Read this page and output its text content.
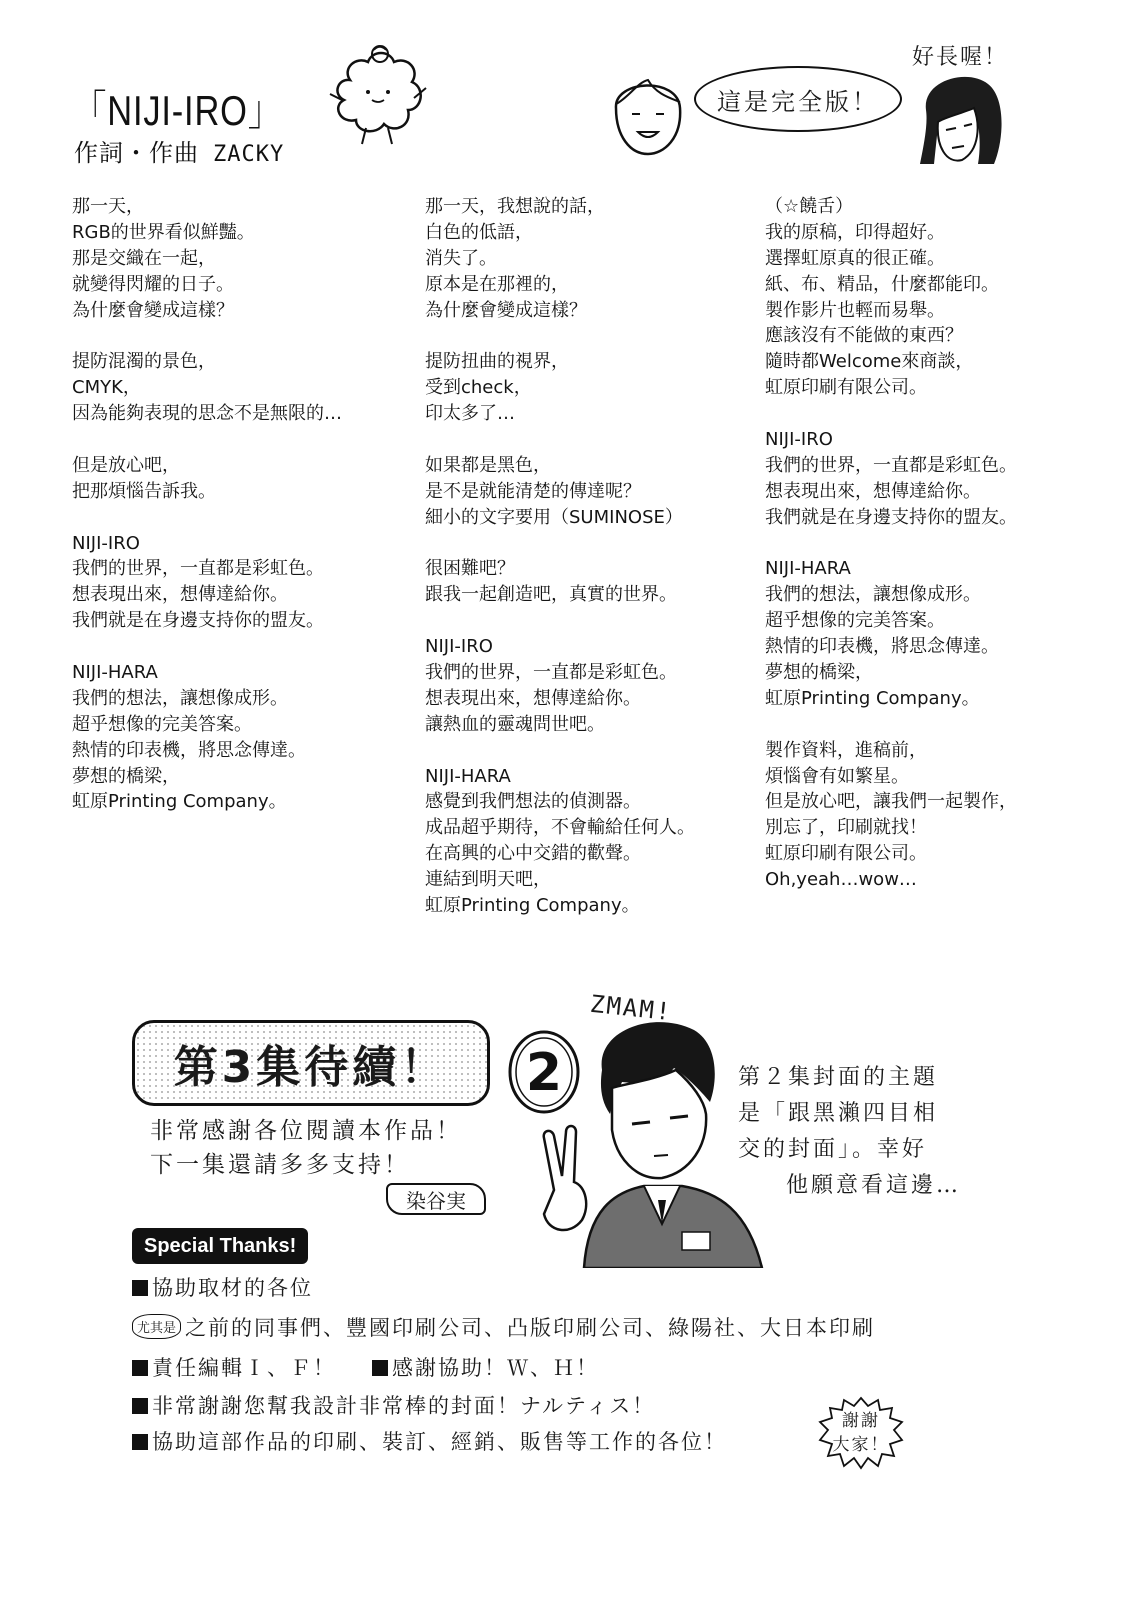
「NIJI-IRO」
作詞・作曲 ZACKY
這是完全版！
好長喔！
那一天，
RGB的世界看似鮮豔。
那是交織在一起，
就變得閃耀的日子。
為什麼會變成這樣？
提防混濁的景色，
CMYK，
因為能夠表現的思念不是無限的…
但是放心吧，
把那煩惱告訴我。
NIJI-IRO
我們的世界，一直都是彩虹色。
想表現出來，想傳達給你。
我們就是在身邊支持你的盟友。
NIJI-HARA
我們的想法，讓想像成形。
超乎想像的完美答案。
熱情的印表機，將思念傳達。
夢想的橋梁，
虹原Printing Company。
那一天，我想說的話，
白色的低語，
消失了。
原本是在那裡的，
為什麼會變成這樣？
提防扭曲的視界，
受到check，
印太多了…
如果都是黑色，
是不是就能清楚的傳達呢？
細小的文字要用（SUMINOSE）
很困難吧？
跟我一起創造吧，真實的世界。
NIJI-IRO
我們的世界，一直都是彩虹色。
想表現出來，想傳達給你。
讓熱血的靈魂問世吧。
NIJI-HARA
感覺到我們想法的偵測器。
成品超乎期待，不會輸給任何人。
在高興的心中交錯的歡聲。
連結到明天吧，
虹原Printing Company。
（☆饒舌）
我的原稿，印得超好。
選擇虹原真的很正確。
紙、布、精品，什麼都能印。
製作影片也輕而易舉。
應該沒有不能做的東西？
隨時都Welcome來商談，
虹原印刷有限公司。
NIJI-IRO
我們的世界，一直都是彩虹色。
想表現出來，想傳達給你。
我們就是在身邊支持你的盟友。
NIJI-HARA
我們的想法，讓想像成形。
超乎想像的完美答案。
熱情的印表機，將思念傳達。
夢想的橋梁，
虹原Printing Company。
製作資料，進稿前，
煩惱會有如繁星。
但是放心吧，讓我們一起製作，
別忘了，印刷就找！
虹原印刷有限公司。
Oh,yeah…wow…
第3集待續！
非常感謝各位閱讀本作品！
下一集還請多多支持！
染谷実
ZMAM!
2	第２集封面的主題
是「跟黑瀨四目相
交的封面」。幸好
他願意看這邊…
Special Thanks!
協助取材的各位
尤其是 之前的同事們、豐國印刷公司、凸版印刷公司、綠陽社、大日本印刷
責任編輯Ｉ、Ｆ！	感謝協助！Ｗ、Ｈ！
非常謝謝您幫我設計非常棒的封面！ナルティス！
協助這部作品的印刷、裝訂、經銷、販售等工作的各位！
謝謝
大家！
